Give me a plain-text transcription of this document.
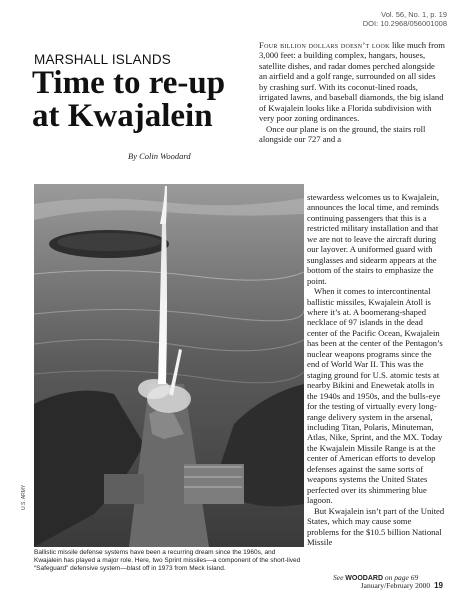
Vol. 56, No. 1, p. 19
DOI: 10.2968/056001008
MARSHALL ISLANDS
Time to re-up at Kwajalein
By Colin Woodard

Four billion dollars doesn’t look like much from 3,000 feet: a building complex, hangars, houses, satellite dishes, and radar domes perched alongside an airfield and a golf range, surrounded on all sides by crashing surf. With its coconut-lined roads, irrigated lawns, and baseball diamonds, the big island of Kwajalein looks like a Florida subdivision with very poor zoning ordinances.

Once our plane is on the ground, the stairs roll alongside our 727 and a

stewardess welcomes us to Kwajalein, announces the local time, and reminds continuing passengers that this is a restricted military installation and that we are not to leave the aircraft during our layover. A uniformed guard with sunglasses and sidearm appears at the bottom of the stairs to emphasize the point.

When it comes to intercontinental ballistic missiles, Kwajalein Atoll is where it’s at. A boomerang-shaped necklace of 97 islands in the dead center of the Pacific Ocean, Kwajalein has been at the center of the Pentagon’s nuclear weapons programs since the end of World War II. This was the staging ground for U.S. atomic tests at nearby Bikini and Enewetak atolls in the 1940s and 1950s, and the bulls-eye for the testing of virtually every long-range delivery system in the arsenal, including Titan, Polaris, Minuteman, Atlas, Nike, Sprint, and the MX. Today the Kwajalein Missile Range is at the center of American efforts to develop defenses against the same sorts of weapons systems the United States perfected over its shimmering blue lagoon.

But Kwajalein isn’t part of the United States, which may cause some problems for the $10.5 billion National Missile

U.S. ARMY
Ballistic missile defense systems have been a recurring dream since the 1960s, and Kwajalein has played a major role. Here, two Sprint missiles—a component of the short-lived “Safeguard” defensive system—blast off in 1973 from Meck Island.
See WOODARD on page 69
January/February 2000 19
